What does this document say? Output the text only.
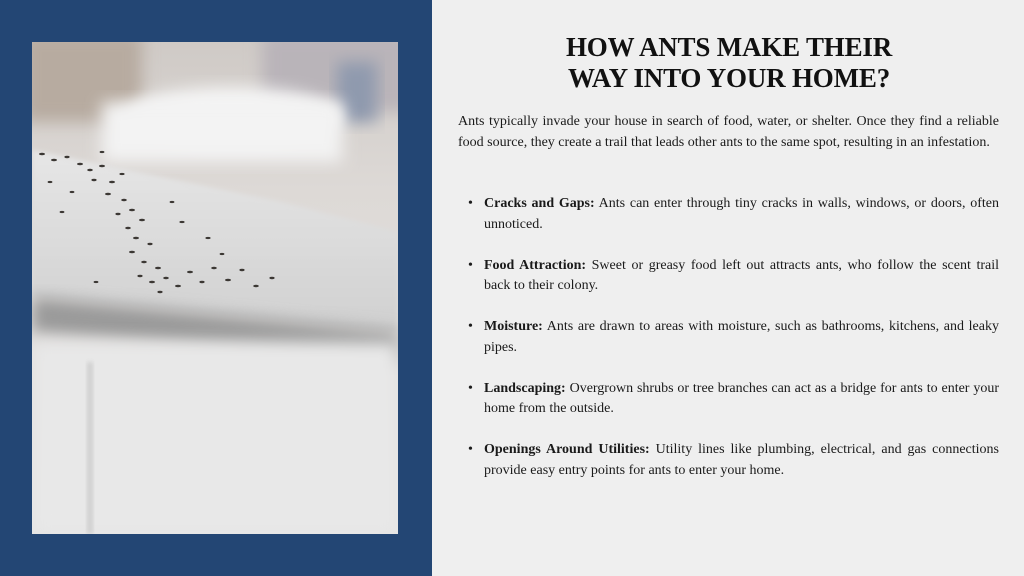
HOW ANTS MAKE THEIR
WAY INTO YOUR HOME?

Ants typically invade your house in search of food, water, or shelter. Once they find a reliable food source, they create a trail that leads other ants to the same spot, resulting in an infestation.

• Cracks and Gaps: Ants can enter through tiny cracks in walls, windows, or doors, often unnoticed.
• Food Attraction: Sweet or greasy food left out attracts ants, who follow the scent trail back to their colony.
• Moisture: Ants are drawn to areas with moisture, such as bathrooms, kitchens, and leaky pipes.
• Landscaping: Overgrown shrubs or tree branches can act as a bridge for ants to enter your home from the outside.
• Openings Around Utilities: Utility lines like plumbing, electrical, and gas connections provide easy entry points for ants to enter your home.
